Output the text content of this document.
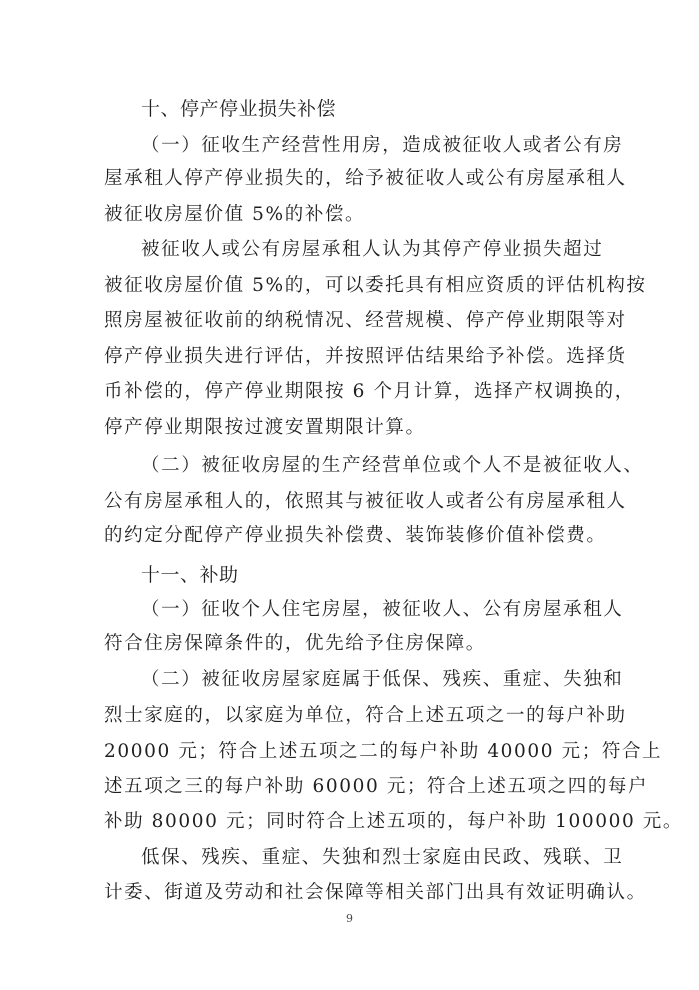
十、停产停业损失补偿
（一）征收生产经营性用房，造成被征收人或者公有房
屋承租人停产停业损失的，给予被征收人或公有房屋承租人
被征收房屋价值 5%的补偿。
被征收人或公有房屋承租人认为其停产停业损失超过
被征收房屋价值 5%的，可以委托具有相应资质的评估机构按
照房屋被征收前的纳税情况、经营规模、停产停业期限等对
停产停业损失进行评估，并按照评估结果给予补偿。选择货
币补偿的，停产停业期限按 6 个月计算，选择产权调换的，
停产停业期限按过渡安置期限计算。
（二）被征收房屋的生产经营单位或个人不是被征收人、
公有房屋承租人的，依照其与被征收人或者公有房屋承租人
的约定分配停产停业损失补偿费、装饰装修价值补偿费。
十一、补助
（一）征收个人住宅房屋，被征收人、公有房屋承租人
符合住房保障条件的，优先给予住房保障。
（二）被征收房屋家庭属于低保、残疾、重症、失独和
烈士家庭的，以家庭为单位，符合上述五项之一的每户补助
20000 元；符合上述五项之二的每户补助 40000 元；符合上
述五项之三的每户补助 60000 元；符合上述五项之四的每户
补助 80000 元；同时符合上述五项的，每户补助 100000 元。
低保、残疾、重症、失独和烈士家庭由民政、残联、卫
计委、街道及劳动和社会保障等相关部门出具有效证明确认。
9
